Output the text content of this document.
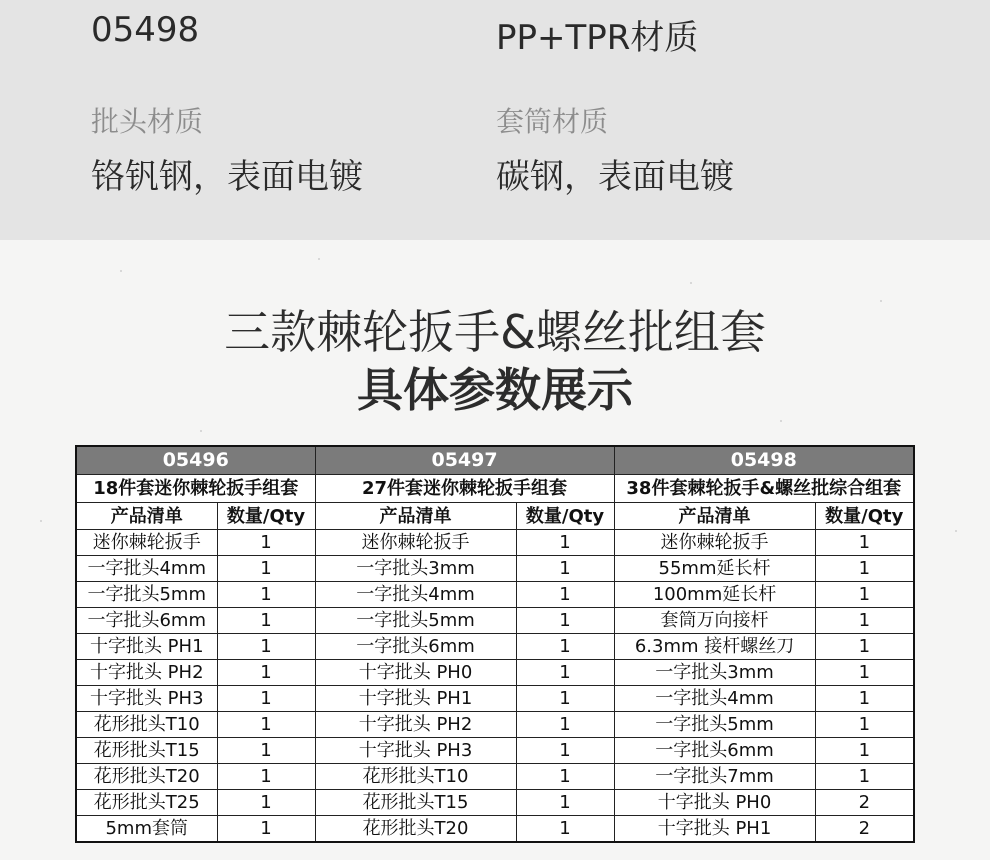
05498	PP+TPR材质
批头材质
铬钒钢，表面电镀
套筒材质
碳钢，表面电镀
三款棘轮扳手&螺丝批组套
具体参数展示
05496		05497		05498	
18件套迷你棘轮扳手组套		27件套迷你棘轮扳手组套		38件套棘轮扳手&螺丝批综合组套	
产品清单	数量/Qty	产品清单	数量/Qty	产品清单	数量/Qty
迷你棘轮扳手	1	迷你棘轮扳手	1	迷你棘轮扳手	1
一字批头4mm	1	一字批头3mm	1	55mm延长杆	1
一字批头5mm	1	一字批头4mm	1	100mm延长杆	1
一字批头6mm	1	一字批头5mm	1	套筒万向接杆	1
十字批头 PH1	1	一字批头6mm	1	6.3mm 接杆螺丝刀	1
十字批头 PH2	1	十字批头 PH0	1	一字批头3mm	1
十字批头 PH3	1	十字批头 PH1	1	一字批头4mm	1
花形批头T10	1	十字批头 PH2	1	一字批头5mm	1
花形批头T15	1	十字批头 PH3	1	一字批头6mm	1
花形批头T20	1	花形批头T10	1	一字批头7mm	1
花形批头T25	1	花形批头T15	1	十字批头 PH0	2
5mm套筒	1	花形批头T20	1	十字批头 PH1	2
